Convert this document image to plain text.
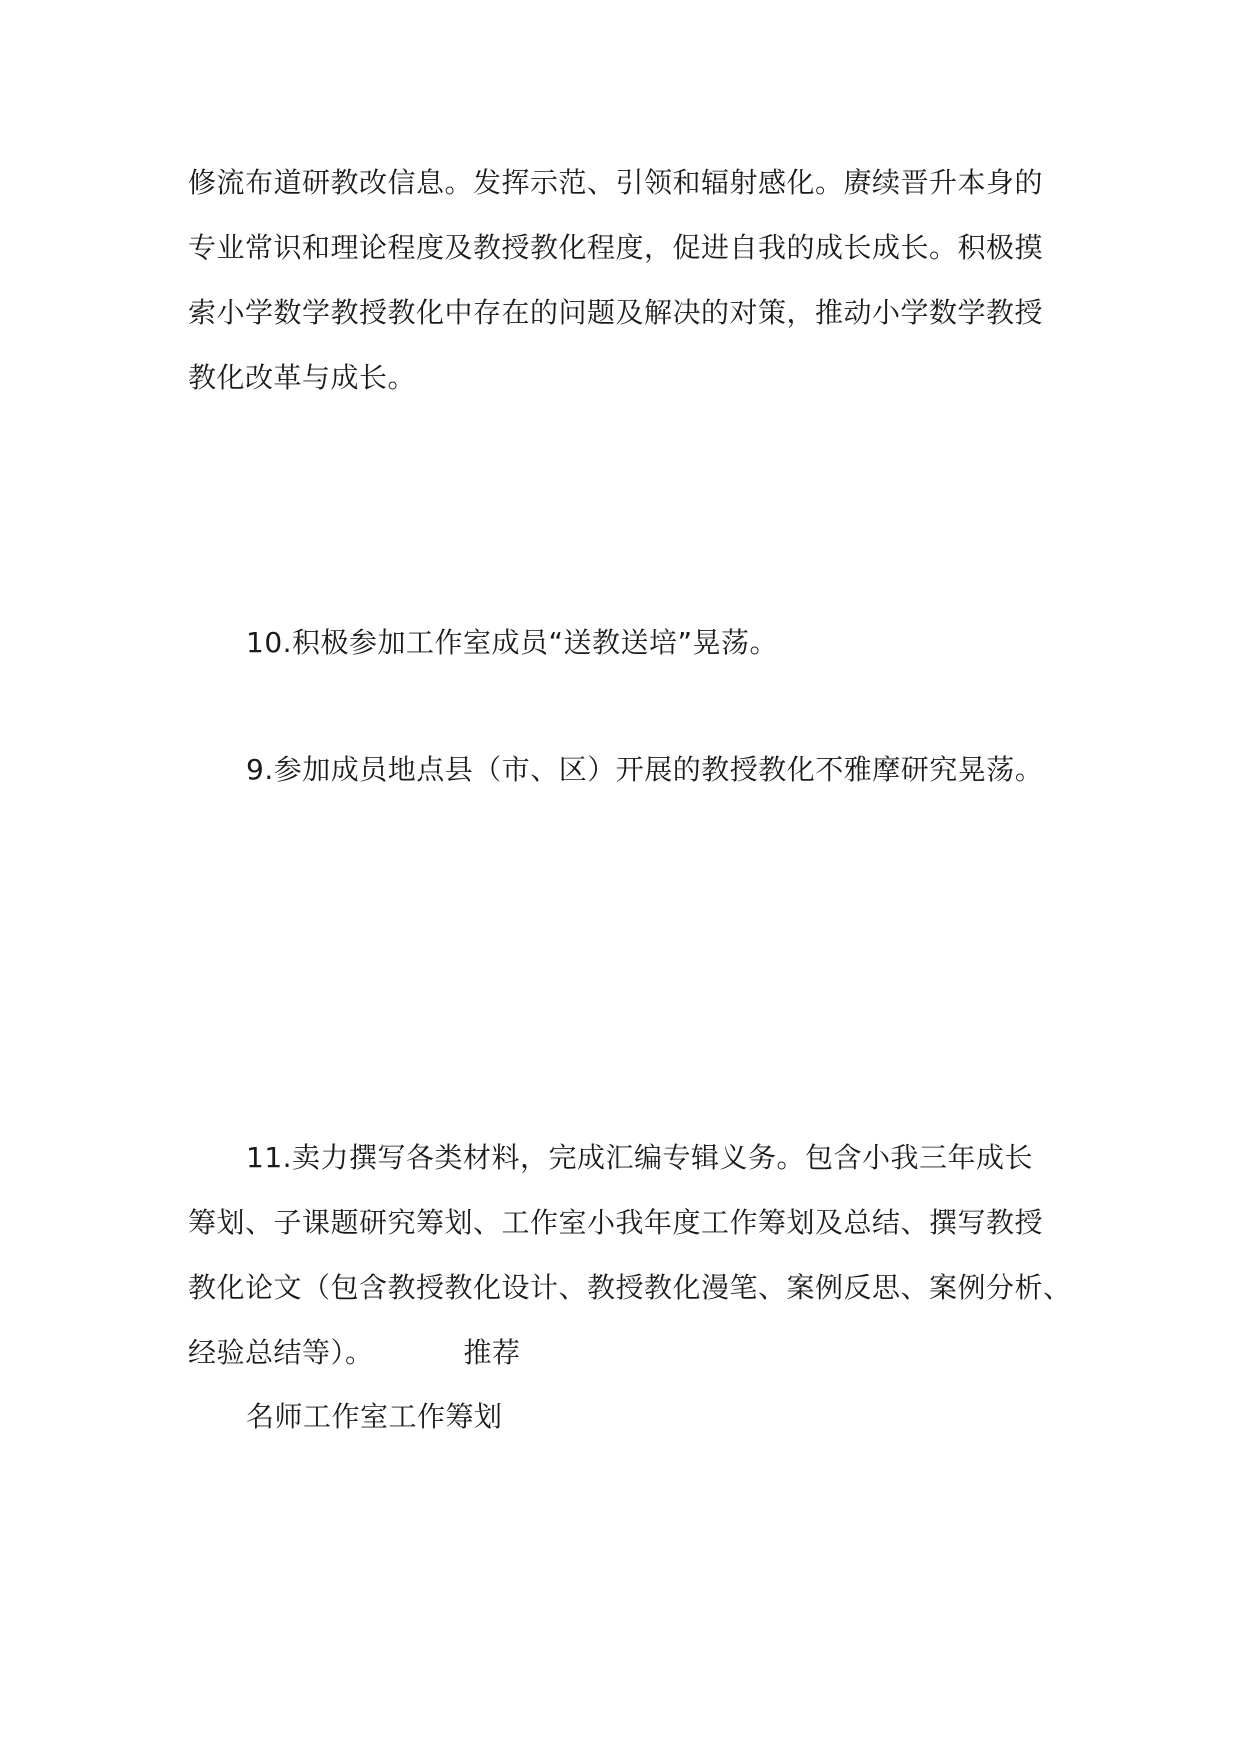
修流布道研教改信息。发挥示范、引领和辐射感化。赓续晋升本身的
专业常识和理论程度及教授教化程度，促进自我的成长成长。积极摸
索小学数学教授教化中存在的问题及解决的对策，推动小学数学教授
教化改革与成长。
10.积极参加工作室成员“送教送培”晃荡。
9.参加成员地点县（市、区）开展的教授教化不雅摩研究晃荡。
11.卖力撰写各类材料，完成汇编专辑义务。包含小我三年成长
筹划、子课题研究筹划、工作室小我年度工作筹划及总结、撰写教授
教化论文（包含教授教化设计、教授教化漫笔、案例反思、案例分析、
经验总结等）。	推荐
名师工作室工作筹划
